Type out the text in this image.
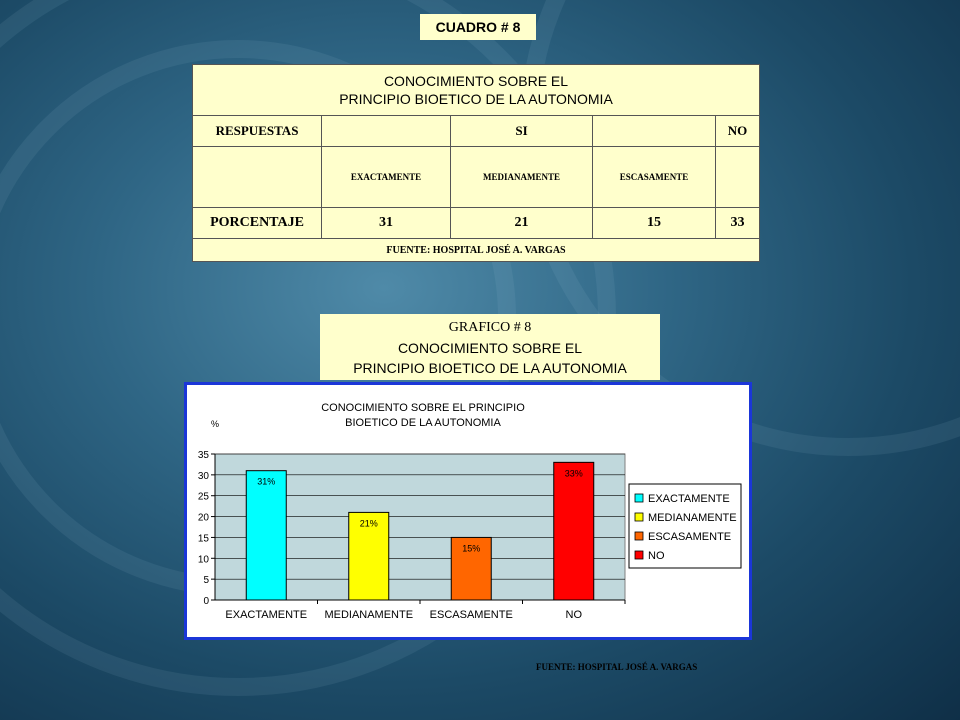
CUADRO # 8
CONOCIMIENTO SOBRE EL
PRINCIPIO BIOETICO DE LA AUTONOMIA				

RESPUESTAS		SI		NO
	EXACTAMENTE	MEDIANAMENTE	ESCASAMENTE	
PORCENTAJE	31	21	15	33
FUENTE: HOSPITAL JOSÉ A. VARGAS				
GRAFICO # 8
CONOCIMIENTO SOBRE EL
PRINCIPIO BIOETICO DE LA AUTONOMIA
CONOCIMIENTO SOBRE EL PRINCIPIO
BIOETICO DE LA AUTONOMIA
%
0
5
10
15
20
25
30
35
31%
EXACTAMENTE
21%
MEDIANAMENTE
15%
ESCASAMENTE
33%
NO
EXACTAMENTE
MEDIANAMENTE
ESCASAMENTE
NO
FUENTE: HOSPITAL JOSÉ A. VARGAS
